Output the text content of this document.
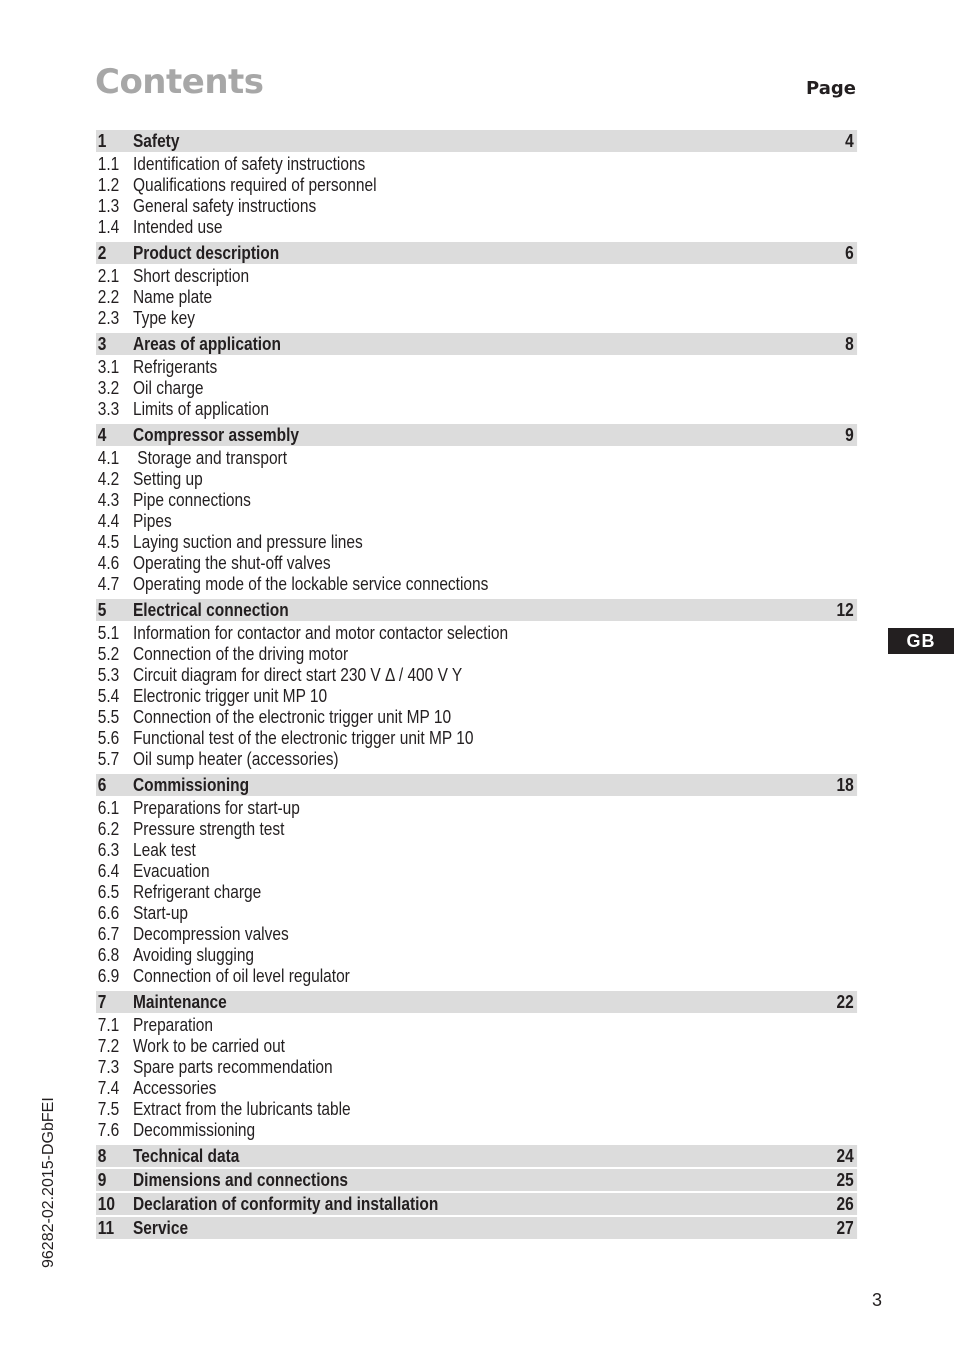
Contents	Page
1	Safety	4
1.1 Identification of safety instructions
1.2 Qualifications required of personnel
1.3 General safety instructions
1.4 Intended use
2	Product description	6
2.1 Short description
2.2 Name plate
2.3 Type key
3	Areas of application	8
3.1 Refrigerants
3.2 Oil charge
3.3 Limits of application
4	Compressor assembly	9
4.1 Storage and transport
4.2 Setting up
4.3 Pipe connections
4.4 Pipes
4.5 Laying suction and pressure lines
4.6 Operating the shut-off valves
4.7 Operating mode of the lockable service connections
5	Electrical connection	12
5.1 Information for contactor and motor contactor selection
5.2 Connection of the driving motor
5.3 Circuit diagram for direct start 230 V Δ / 400 V Y
5.4 Electronic trigger unit MP 10
5.5 Connection of the electronic trigger unit MP 10
5.6 Functional test of the electronic trigger unit MP 10
5.7 Oil sump heater (accessories)
6	Commissioning	18
6.1 Preparations for start-up
6.2 Pressure strength test
6.3 Leak test
6.4 Evacuation
6.5 Refrigerant charge
6.6 Start-up
6.7 Decompression valves
6.8 Avoiding slugging
6.9 Connection of oil level regulator
7	Maintenance	22
7.1 Preparation
7.2 Work to be carried out
7.3 Spare parts recommendation
7.4 Accessories
7.5 Extract from the lubricants table
7.6 Decommissioning
8	Technical data	24
9	Dimensions and connections	25
10	Declaration of conformity and installation	26
11	Service	27
GB
96282-02.2015-DGbFEI
3
